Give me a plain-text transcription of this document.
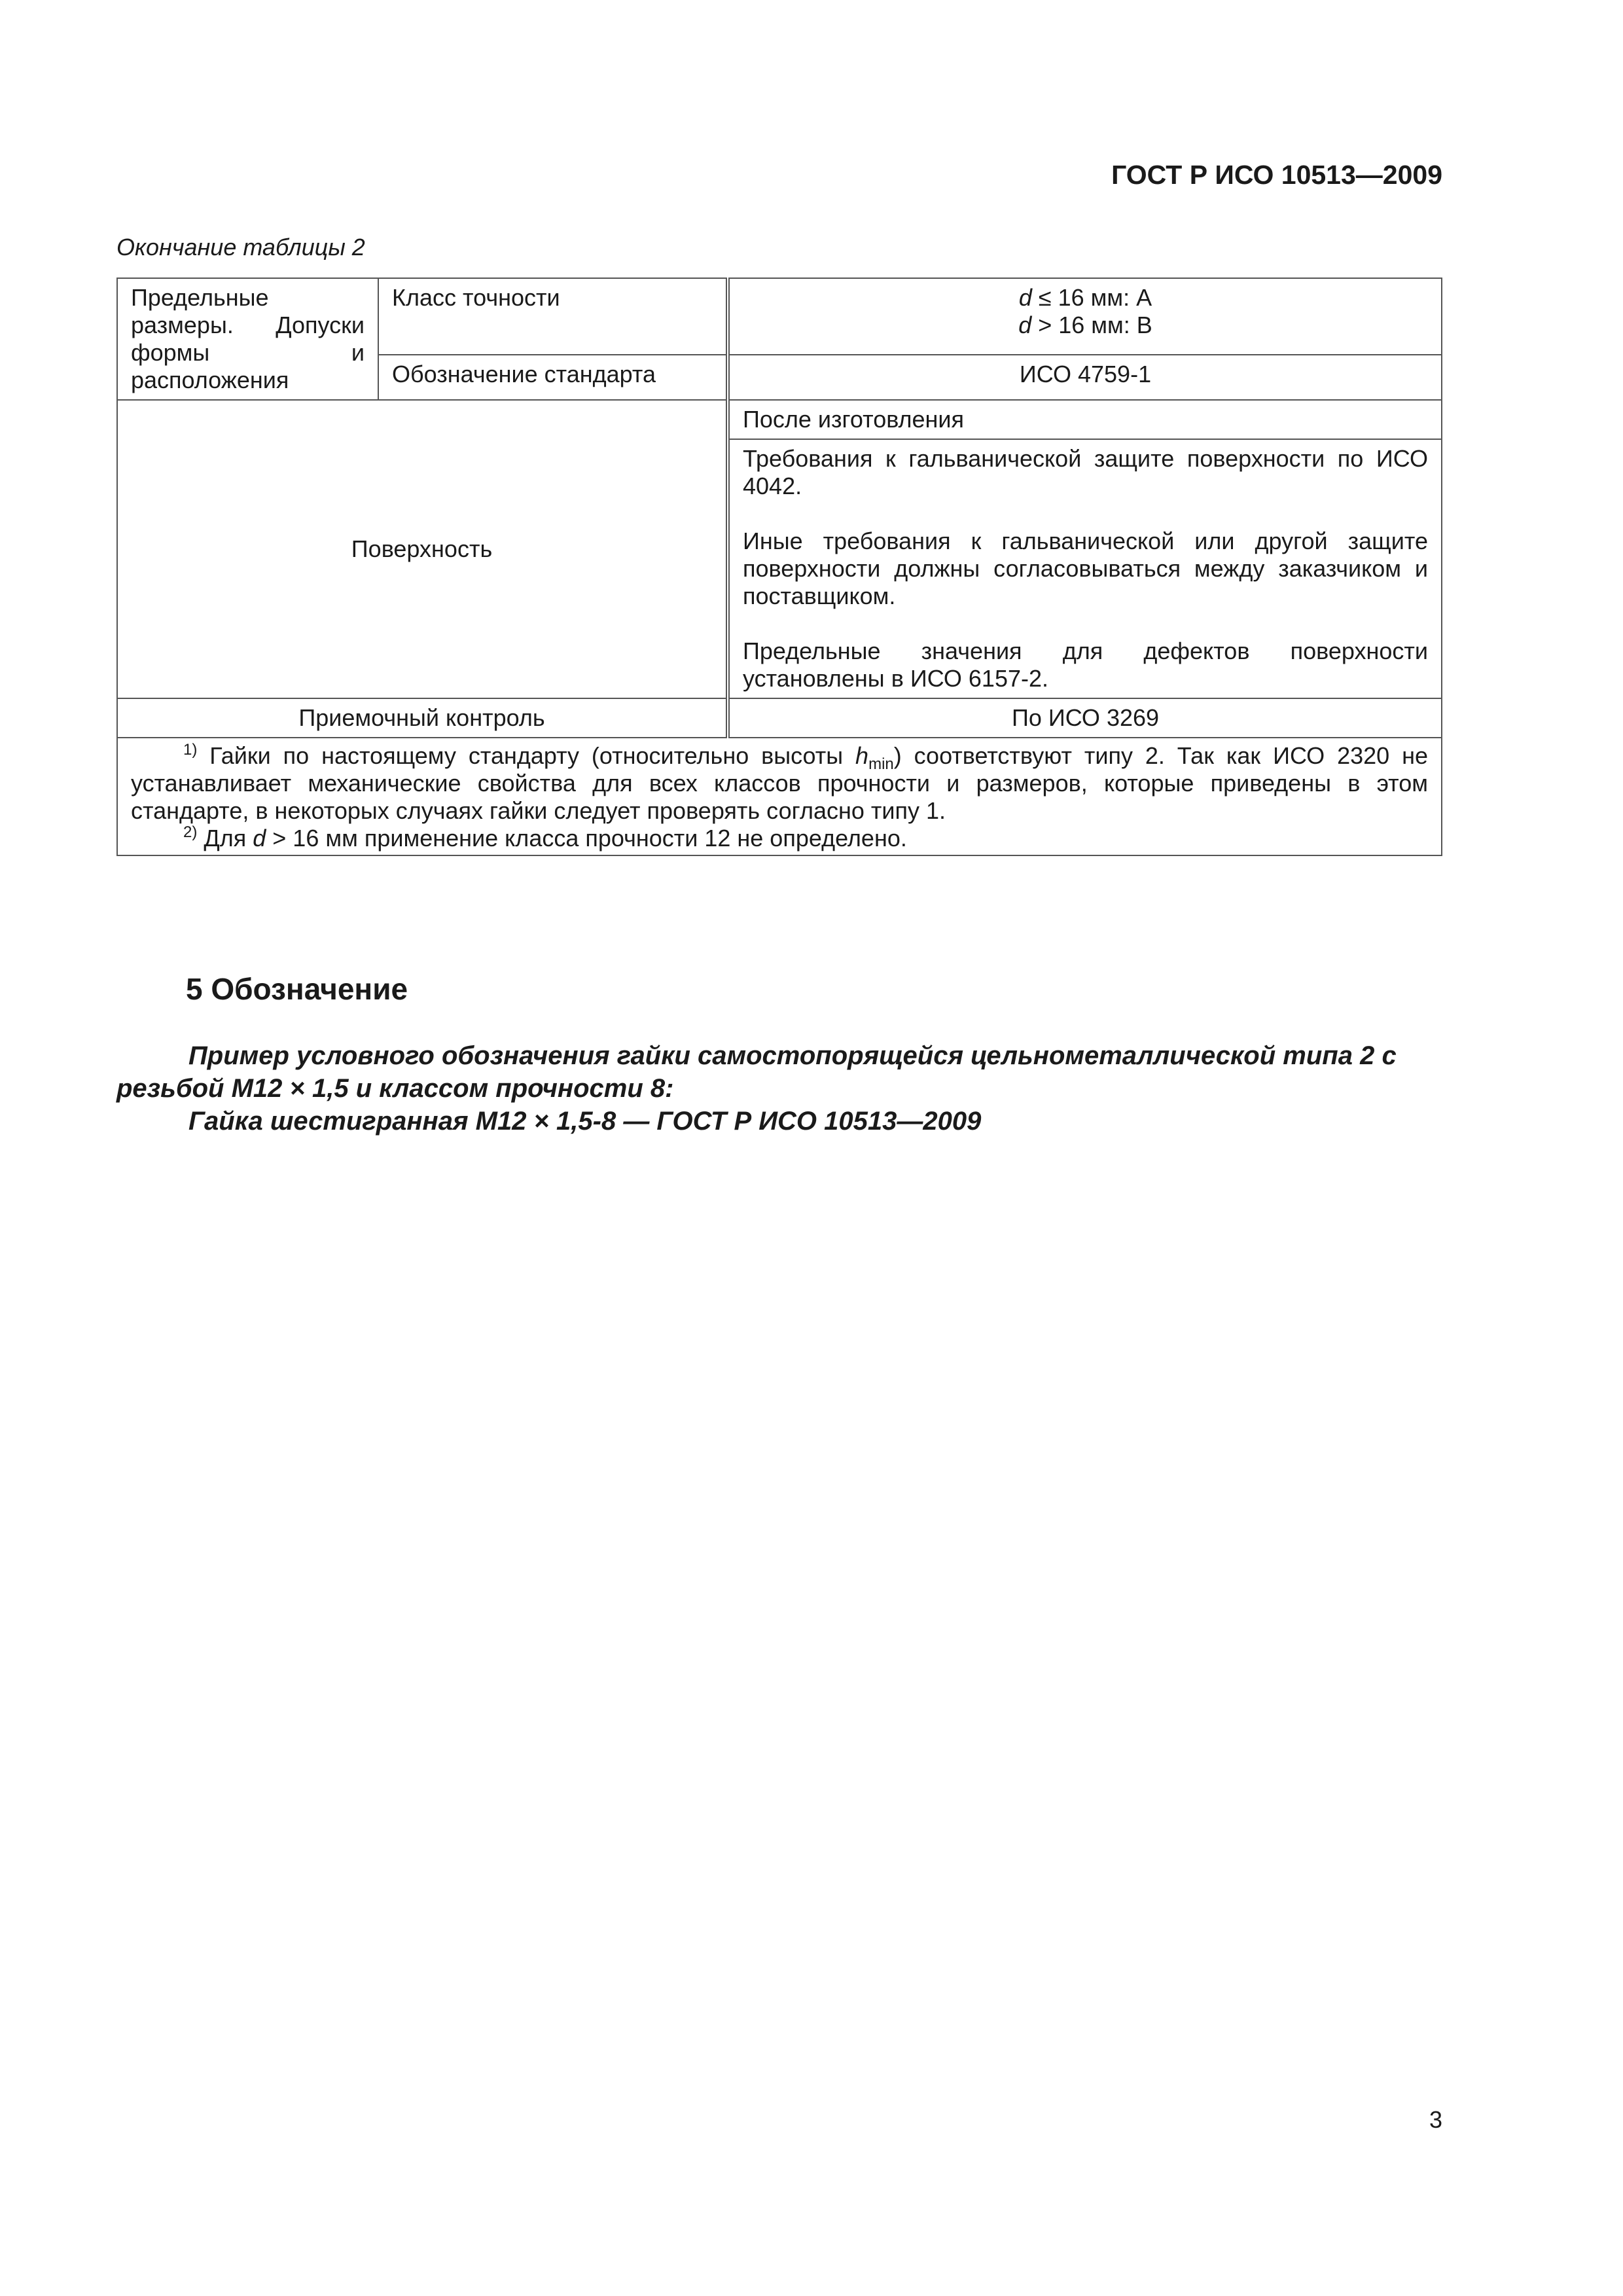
ГОСТ Р ИСО 10513—2009
Окончание таблицы 2
Предельные размеры. Допуски формы и расположения	Класс точности	d ≤ 16 мм: А
d > 16 мм: В

	Обозначение стандарта	ИСО 4759-1
Поверхность		После изготовления

		Требования к гальванической защите поверхности по ИСО 4042.
Иные требования к гальванической или другой защите поверхности должны согласовываться между заказчиком и поставщиком.
Предельные значения для дефектов поверхности установлены в ИСО 6157-2.

Приемочный контроль		По ИСО 3269

$^{1)}$ Гайки по настоящему стандарту (относительно высоты $h_{min}$) соответствуют типу 2. Так как ИСО 2320 не устанавливает механические свойства для всех классов прочности и размеров, которые приведены в этом стандарте, в некоторых случаях гайки следует проверять согласно типу 1.
$^{2)}$ Для d > 16 мм применение класса прочности 12 не определено.		
5 Обозначение
Пример условного обозначения гайки самостопорящейся цельнометаллической типа 2 с резьбой М12 × 1,5 и классом прочности 8:
Гайка шестигранная М12 × 1,5-8 — ГОСТ Р ИСО 10513—2009
3
